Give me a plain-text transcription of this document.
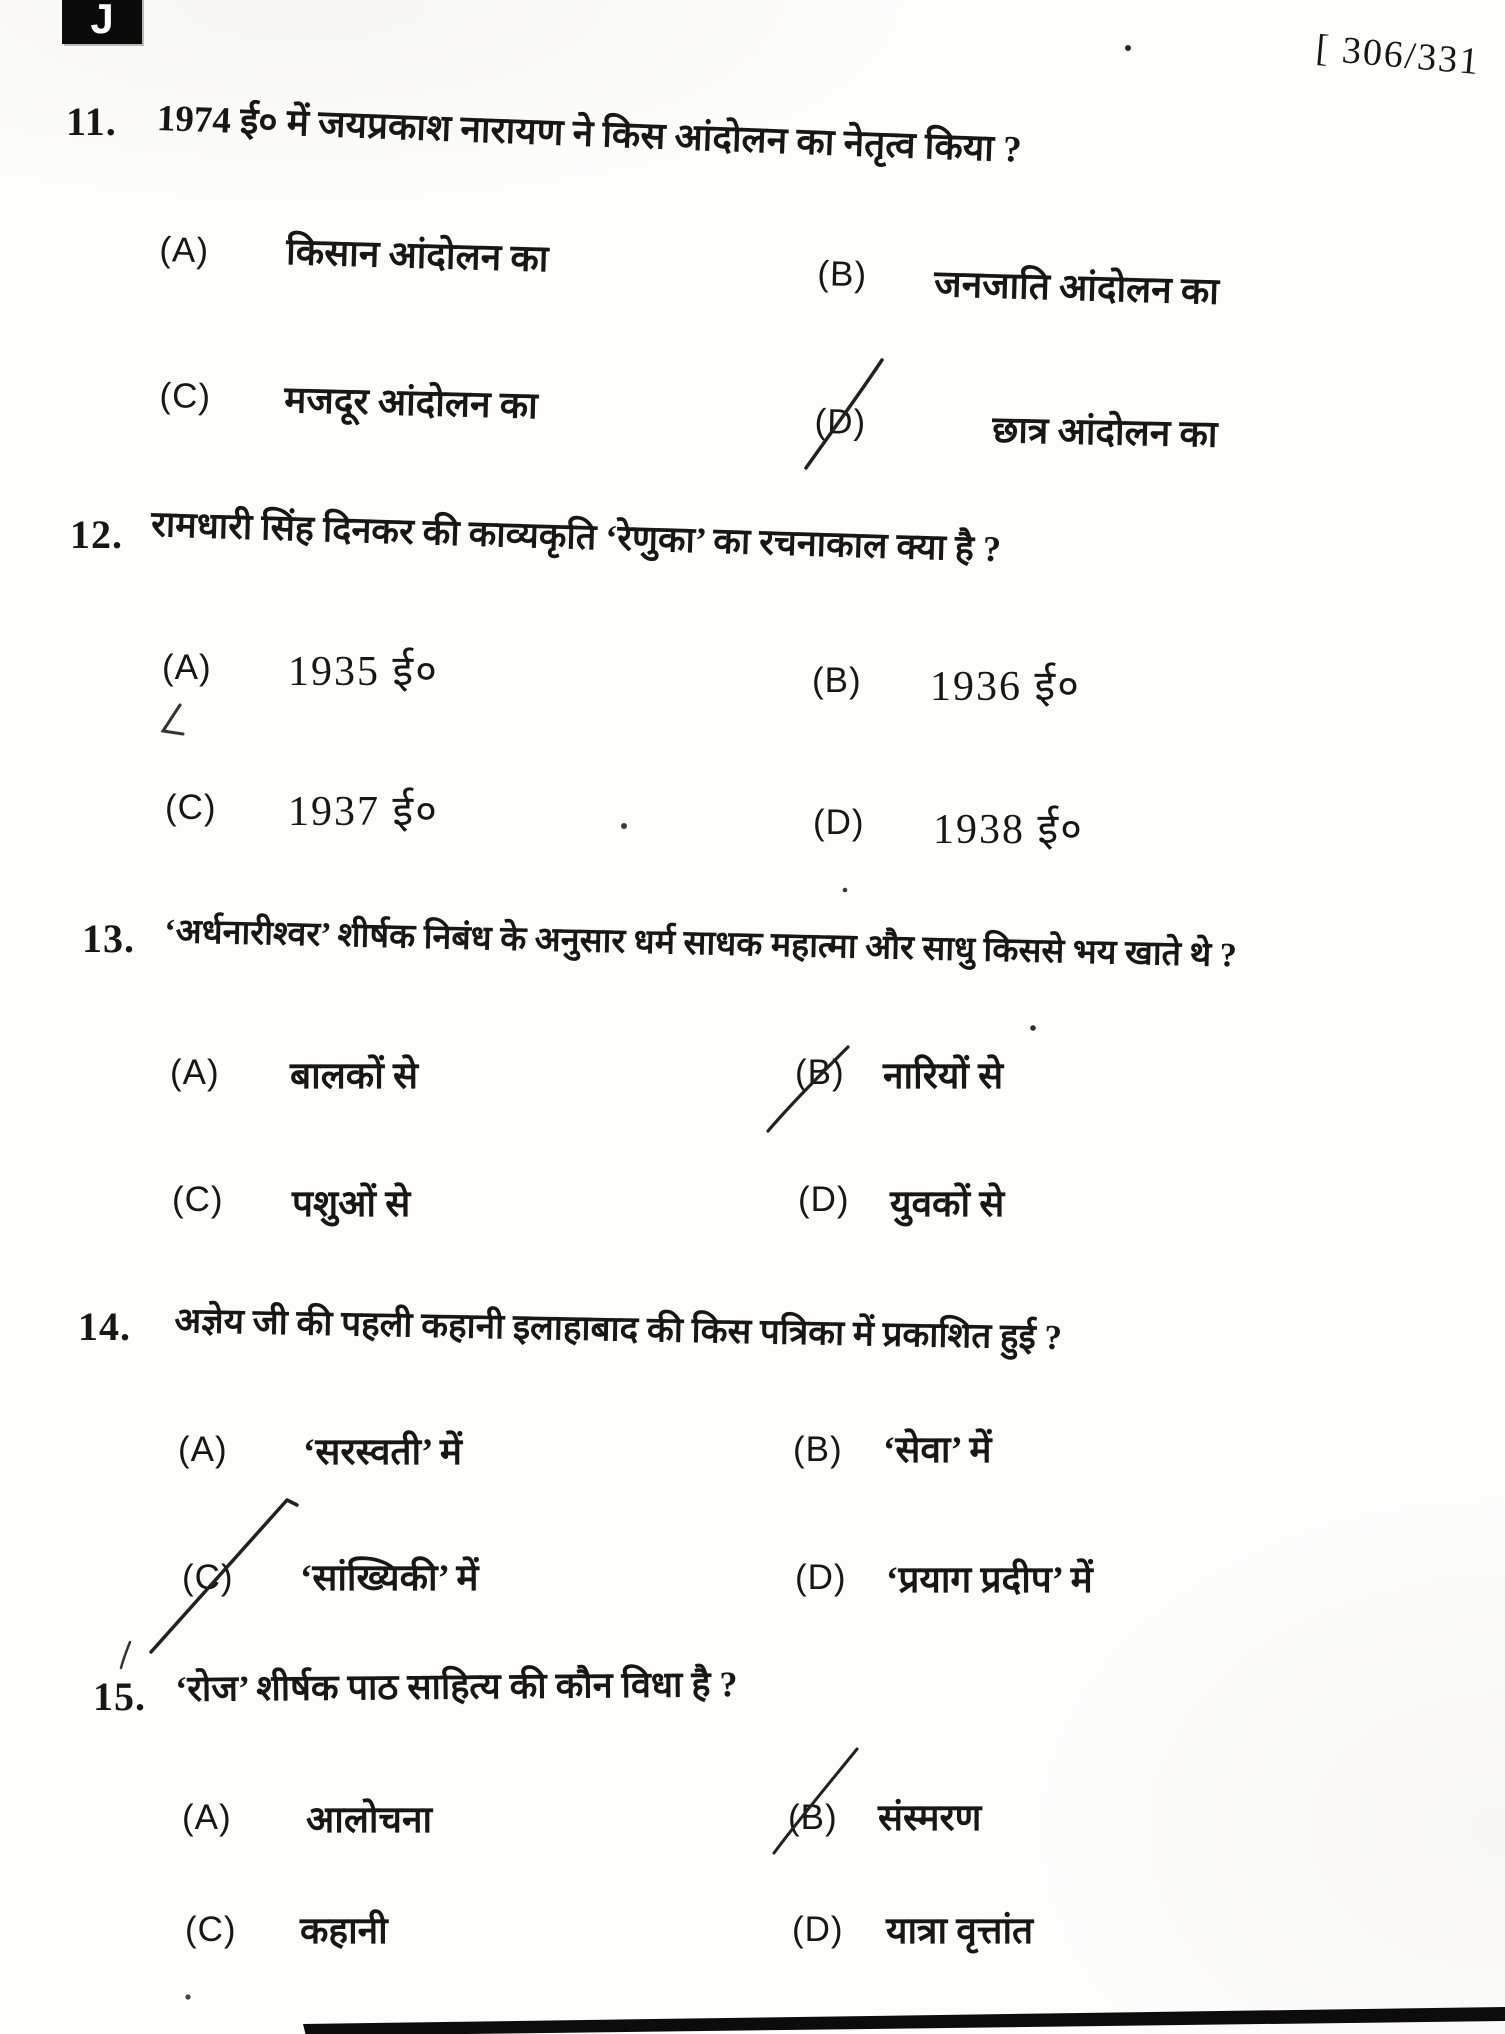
J
[ 306/331
11. 1974 ई० में जयप्रकाश नारायण ने किस आंदोलन का नेतृत्व किया ?
(A) किसान आंदोलन का	(B) जनजाति आंदोलन का
(C) मजदूर आंदोलन का	(D)	छात्र आंदोलन का
12. रामधारी सिंह दिनकर की काव्यकृति ‘रेणुका’ का रचनाकाल क्या है ?
(A) 1935 ई०	(B) 1936 ई०
(C) 1937 ई०	(D) 1938 ई०
13. ‘अर्धनारीश्वर’ शीर्षक निबंध के अनुसार धर्म साधक महात्मा और साधु किससे भय खाते थे ?
(A) बालकों से	(B) नारियों से
(C) पशुओं से	(D) युवकों से
14. अज्ञेय जी की पहली कहानी इलाहाबाद की किस पत्रिका में प्रकाशित हुई ?
(A) ‘सरस्वती’ में	(B) ‘सेवा’ में
(C) ‘सांख्यिकी’ में	(D) ‘प्रयाग प्रदीप’ में
15. ‘रोज’ शीर्षक पाठ साहित्य की कौन विधा है ?
(A) आलोचना	(B) संस्मरण
(C) कहानी	(D) यात्रा वृत्तांत
